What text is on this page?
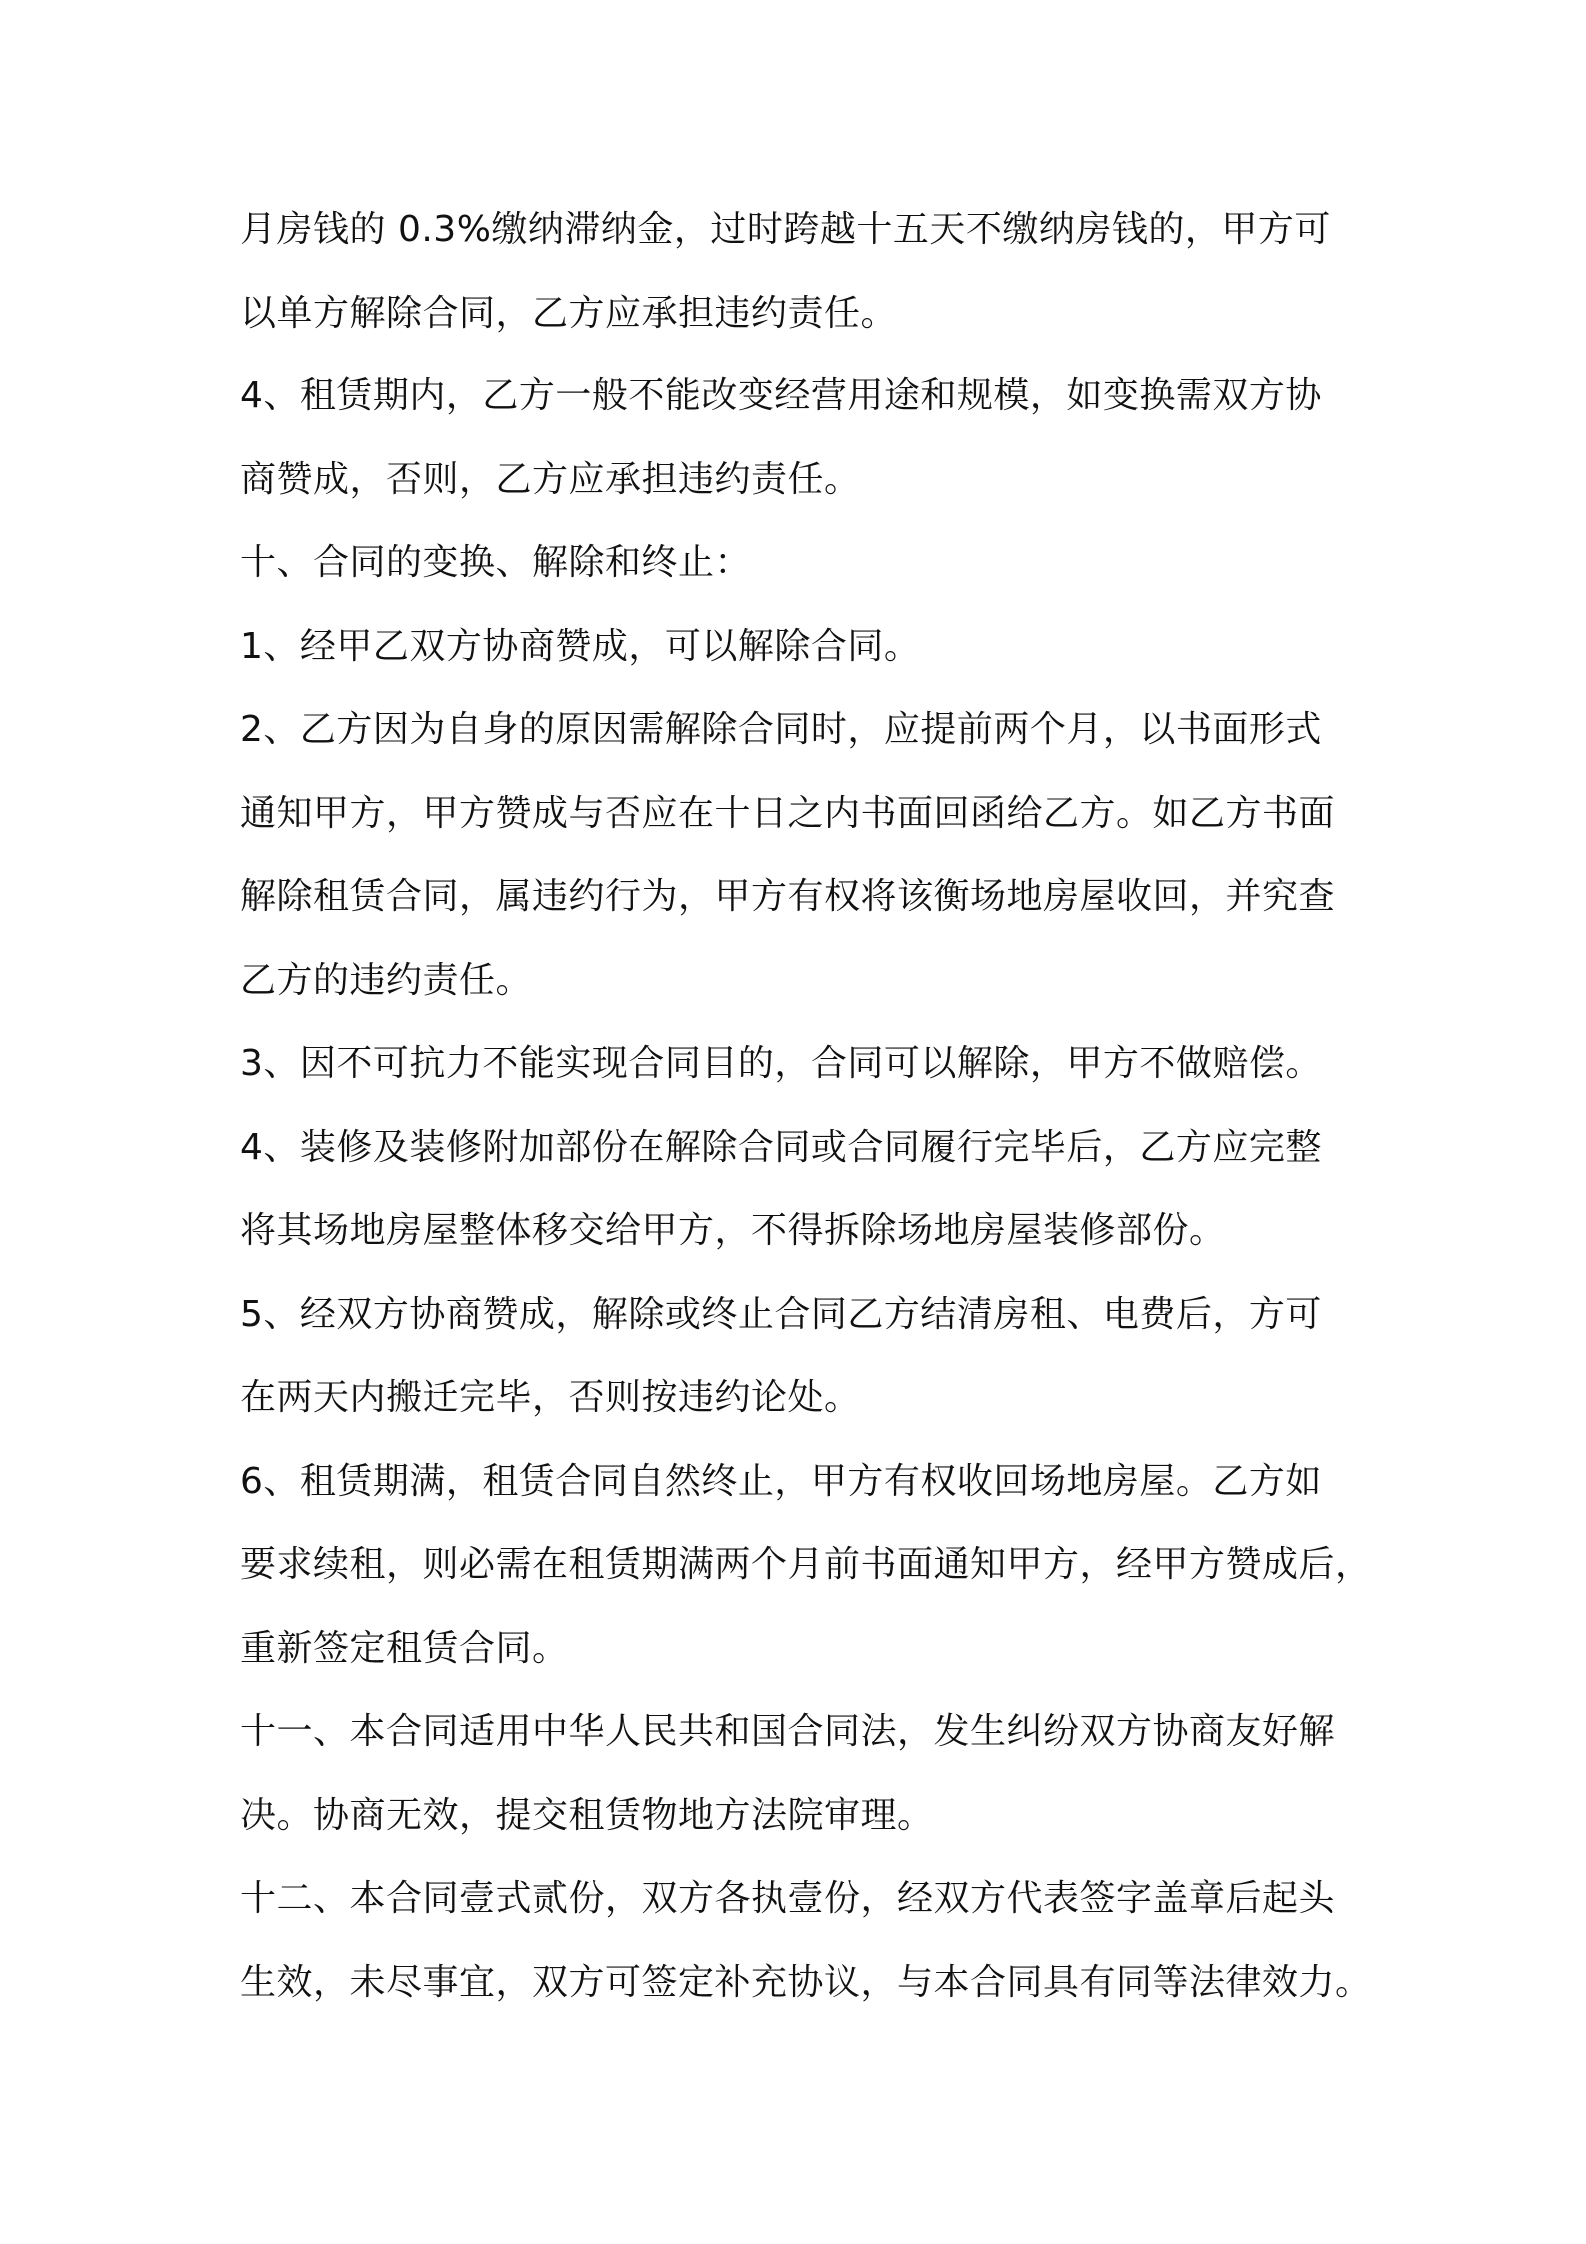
月房钱的 0.3%缴纳滞纳金，过时跨越十五天不缴纳房钱的，甲方可
以单方解除合同，乙方应承担违约责任。
4、租赁期内，乙方一般不能改变经营用途和规模，如变换需双方协
商赞成，否则，乙方应承担违约责任。
十、合同的变换、解除和终止：
1、经甲乙双方协商赞成，可以解除合同。
2、乙方因为自身的原因需解除合同时，应提前两个月，以书面形式
通知甲方，甲方赞成与否应在十日之内书面回函给乙方。如乙方书面
解除租赁合同，属违约行为，甲方有权将该衡场地房屋收回，并究查
乙方的违约责任。
3、因不可抗力不能实现合同目的，合同可以解除，甲方不做赔偿。
4、装修及装修附加部份在解除合同或合同履行完毕后，乙方应完整
将其场地房屋整体移交给甲方，不得拆除场地房屋装修部份。
5、经双方协商赞成，解除或终止合同乙方结清房租、电费后，方可
在两天内搬迁完毕，否则按违约论处。
6、租赁期满，租赁合同自然终止，甲方有权收回场地房屋。乙方如
要求续租，则必需在租赁期满两个月前书面通知甲方，经甲方赞成后，
重新签定租赁合同。
十一、本合同适用中华人民共和国合同法，发生纠纷双方协商友好解
决。协商无效，提交租赁物地方法院审理。
十二、本合同壹式贰份，双方各执壹份，经双方代表签字盖章后起头
生效，未尽事宜，双方可签定补充协议，与本合同具有同等法律效力。
